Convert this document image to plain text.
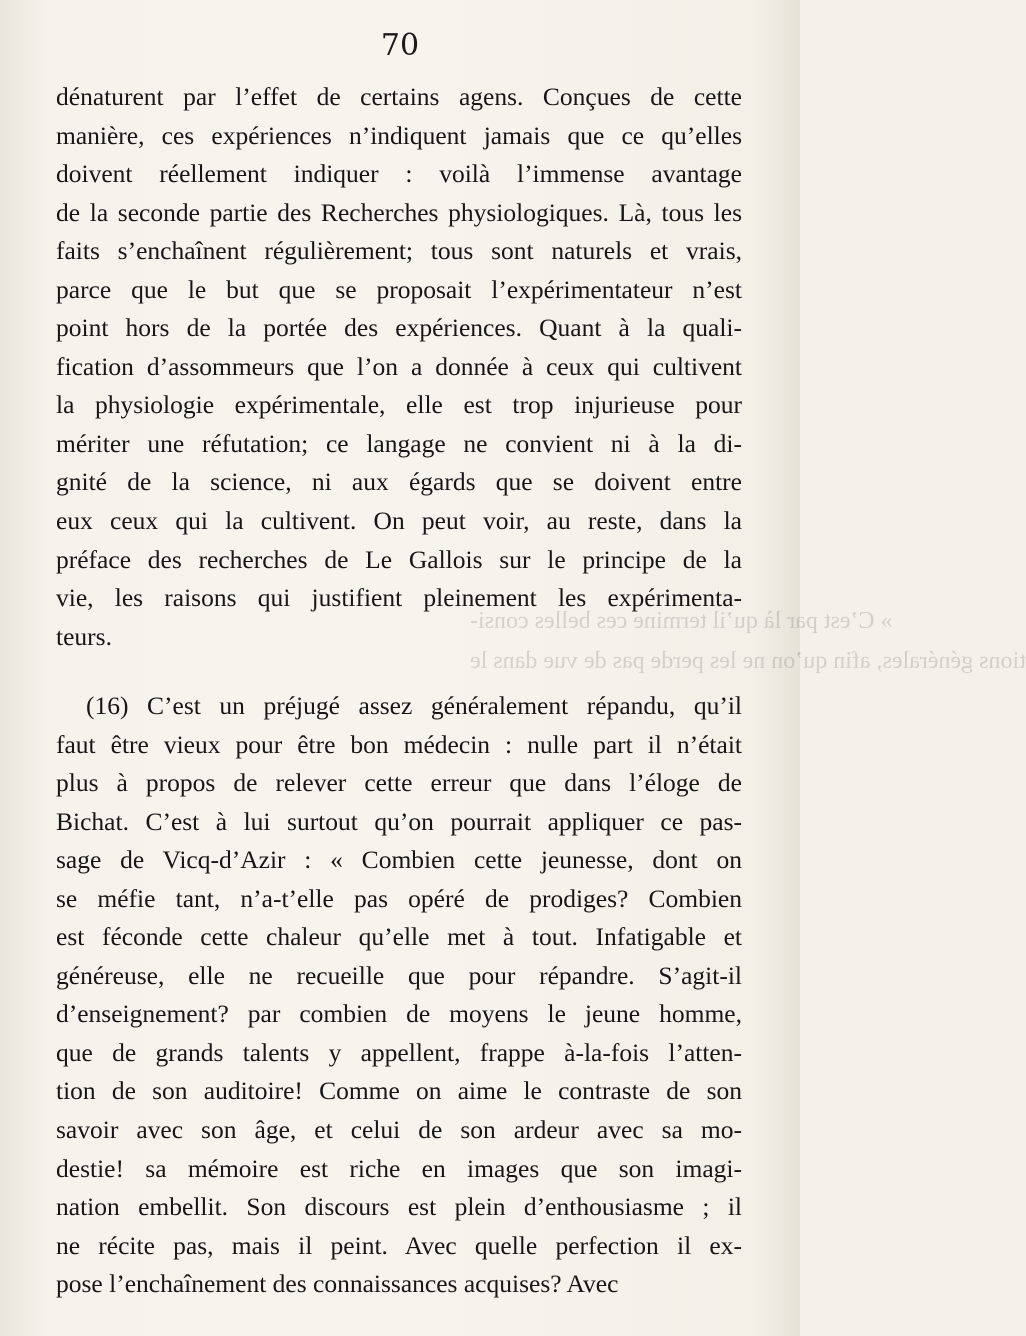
» C’est par là qu’il termine ces belles consi-
tions générales, afin qu’on ne les perde pas de vue dans le
70
dénaturent par l’effet de certains agens. Conçues de cette
manière, ces expériences n’indiquent jamais que ce qu’elles
doivent réellement indiquer : voilà l’immense avantage
de la seconde partie des Recherches physiologiques. Là, tous les
faits s’enchaînent régulièrement; tous sont naturels et vrais,
parce que le but que se proposait l’expérimentateur n’est
point hors de la portée des expériences. Quant à la quali-
fication d’assommeurs que l’on a donnée à ceux qui cultivent
la physiologie expérimentale, elle est trop injurieuse pour
mériter une réfutation; ce langage ne convient ni à la di-
gnité de la science, ni aux égards que se doivent entre
eux ceux qui la cultivent. On peut voir, au reste, dans la
préface des recherches de Le Gallois sur le principe de la
vie, les raisons qui justifient pleinement les expérimenta-
teurs.
(16) C’est un préjugé assez généralement répandu, qu’il
faut être vieux pour être bon médecin : nulle part il n’était
plus à propos de relever cette erreur que dans l’éloge de
Bichat. C’est à lui surtout qu’on pourrait appliquer ce pas-
sage de Vicq-d’Azir : « Combien cette jeunesse, dont on
se méfie tant, n’a-t’elle pas opéré de prodiges? Combien
est féconde cette chaleur qu’elle met à tout. Infatigable et
généreuse, elle ne recueille que pour répandre. S’agit-il
d’enseignement? par combien de moyens le jeune homme,
que de grands talents y appellent, frappe à-la-fois l’atten-
tion de son auditoire! Comme on aime le contraste de son
savoir avec son âge, et celui de son ardeur avec sa mo-
destie! sa mémoire est riche en images que son imagi-
nation embellit. Son discours est plein d’enthousiasme ; il
ne récite pas, mais il peint. Avec quelle perfection il ex-
pose l’enchaînement des connaissances acquises? Avec
